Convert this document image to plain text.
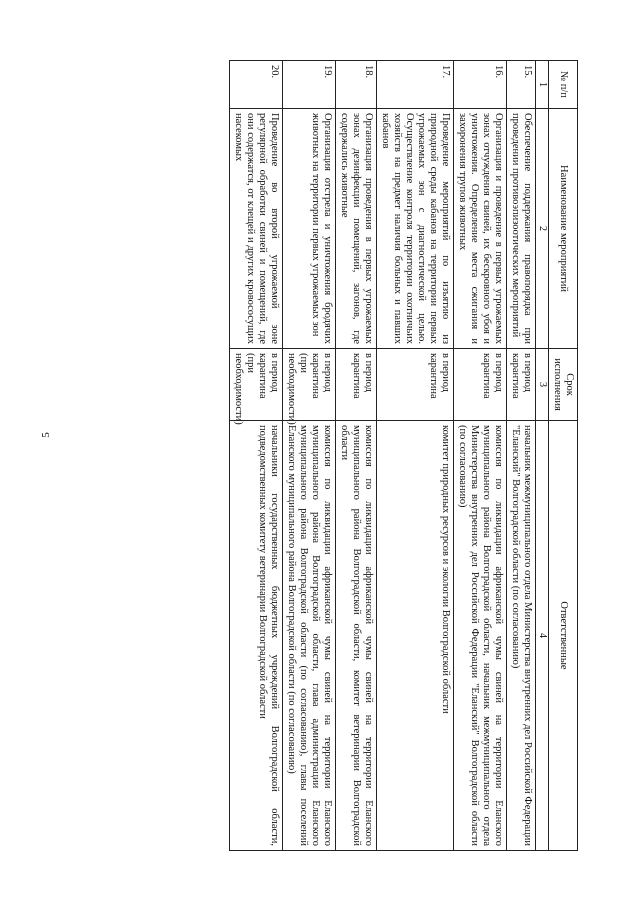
5
№ п/п	Наименование мероприятий	Срок исполнения	Ответственные
1	2	3	4
15.	Обеспечение поддержания правопорядка при проведении противоэпизоотических мероприятий	в период карантина	начальник межмуниципального отдела Министерства внутренних дел Российской Федерации "Еланский" Волгоградской области (по согласованию)
16.	Организация и проведение в первых угрожаемых зонах отчуждения свиней, их бескровного убоя и уничтожения. Определение места сжигания и захоронения трупов животных	в период карантина	комиссия по ликвидации африканской чумы свиней на территории Еланского муниципального района Волгоградской области, начальник межмуниципального отдела Министерства внутренних дел Российской Федерации "Еланский" Волгоградской области (по согласованию)
17.	Проведение мероприятий по изъятию из природной среды кабанов на территории первых угрожаемых зон с диагностической целью. Осуществление контроля территории охотничьих хозяйств на предмет наличия больных и павших кабанов	в период карантина	комитет природных ресурсов и экологии Волгоградской области
18.	Организация проведения в первых угрожаемых зонах дезинфекции помещений, загонов, где содержались животные	в период карантина	комиссия по ликвидации африканской чумы свиней на территории Еланского муниципального района Волгоградской области, комитет ветеринарии Волгоградской области
19.	Организация отстрела и уничтожения бродячих животных на территории первых угрожаемых зон	в период карантина (при необходимости)	комиссия по ликвидации африканской чумы свиней на территории Еланского муниципального района Волгоградской области, глава администрации Еланского муниципального района Волгоградской области (по согласованию), главы поселений Еланского муниципального района Волгоградской области (по согласованию)
20.	Проведение во второй угрожаемой зоне регулярной обработки свиней и помещений, где они содержатся, от клещей и других кровососущих насекомых	в период карантина (при необходимости)	начальники государственных бюджетных учреждений Волгоградской области, подведомственных комитету ветеринарии Волгоградской области
